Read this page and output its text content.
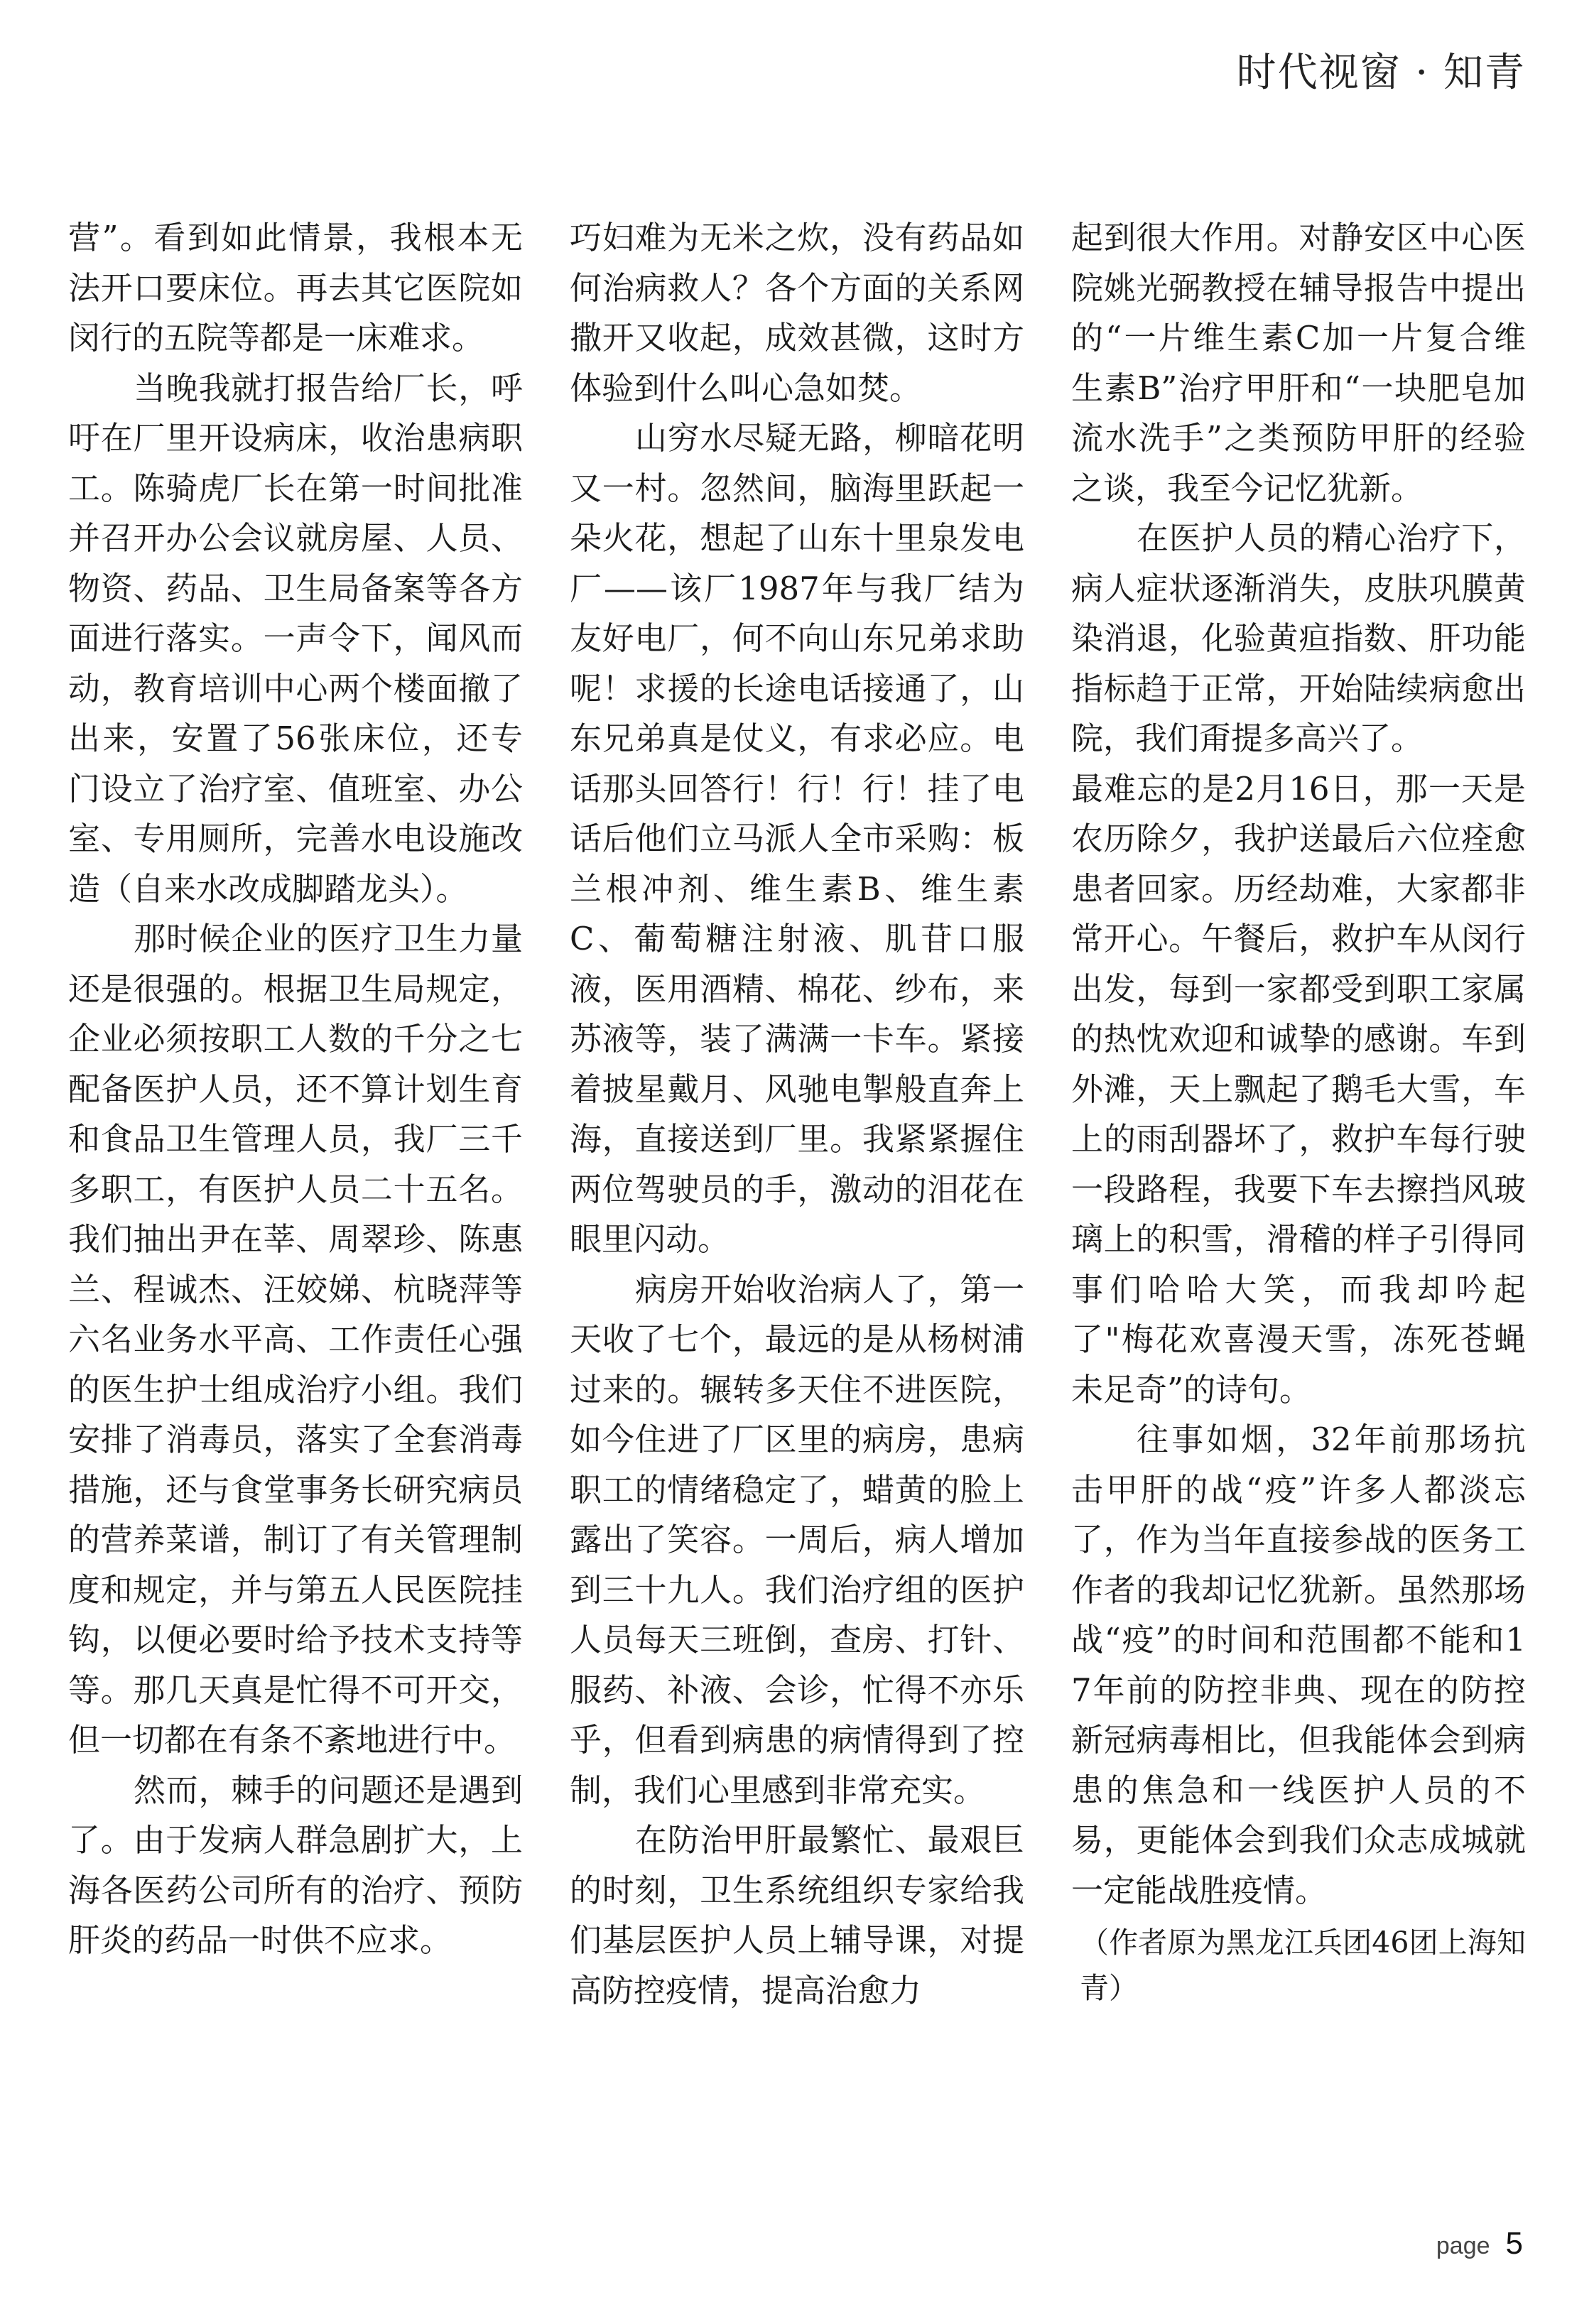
时代视窗 · 知青

营”。看到如此情景，我根本无法开口要床位。再去其它医院如闵行的五院等都是一床难求。

当晚我就打报告给厂长，呼吁在厂里开设病床，收治患病职工。陈骑虎厂长在第一时间批准并召开办公会议就房屋、人员、物资、药品、卫生局备案等各方面进行落实。一声令下，闻风而动，教育培训中心两个楼面撤了出来，安置了56张床位，还专门设立了治疗室、值班室、办公室、专用厕所，完善水电设施改造（自来水改成脚踏龙头）。

那时候企业的医疗卫生力量还是很强的。根据卫生局规定，企业必须按职工人数的千分之七配备医护人员，还不算计划生育和食品卫生管理人员，我厂三千多职工，有医护人员二十五名。我们抽出尹在莘、周翠珍、陈惠兰、程诚杰、汪姣娣、杭晓萍等六名业务水平高、工作责任心强的医生护士组成治疗小组。我们安排了消毒员，落实了全套消毒措施，还与食堂事务长研究病员的营养菜谱，制订了有关管理制度和规定，并与第五人民医院挂钩，以便必要时给予技术支持等等。那几天真是忙得不可开交，但一切都在有条不紊地进行中。

然而，棘手的问题还是遇到了。由于发病人群急剧扩大，上海各医药公司所有的治疗、预防肝炎的药品一时供不应求。

巧妇难为无米之炊，没有药品如何治病救人？各个方面的关系网撒开又收起，成效甚微，这时方体验到什么叫心急如焚。

山穷水尽疑无路，柳暗花明又一村。忽然间，脑海里跃起一朵火花，想起了山东十里泉发电厂——该厂1987年与我厂结为友好电厂，何不向山东兄弟求助呢！求援的长途电话接通了，山东兄弟真是仗义，有求必应。电话那头回答行！行！行！挂了电话后他们立马派人全市采购：板兰根冲剂、维生素B、维生素C、葡萄糖注射液、肌苷口服液，医用酒精、棉花、纱布，来苏液等，装了满满一卡车。紧接着披星戴月、风驰电掣般直奔上海，直接送到厂里。我紧紧握住两位驾驶员的手，激动的泪花在眼里闪动。

病房开始收治病人了，第一天收了七个，最远的是从杨树浦过来的。辗转多天住不进医院，如今住进了厂区里的病房，患病职工的情绪稳定了，蜡黄的脸上露出了笑容。一周后，病人增加到三十九人。我们治疗组的医护人员每天三班倒，查房、打针、服药、补液、会诊，忙得不亦乐乎，但看到病患的病情得到了控制，我们心里感到非常充实。

在防治甲肝最繁忙、最艰巨的时刻，卫生系统组织专家给我们基层医护人员上辅导课，对提高防控疫情，提高治愈力

起到很大作用。对静安区中心医院姚光弼教授在辅导报告中提出的“一片维生素C加一片复合维生素B”治疗甲肝和“一块肥皂加流水洗手”之类预防甲肝的经验之谈，我至今记忆犹新。

在医护人员的精心治疗下，病人症状逐渐消失，皮肤巩膜黄染消退，化验黄疸指数、肝功能指标趋于正常，开始陆续病愈出院，我们甭提多高兴了。

最难忘的是2月16日，那一天是农历除夕，我护送最后六位痊愈患者回家。历经劫难，大家都非常开心。午餐后，救护车从闵行出发，每到一家都受到职工家属的热忱欢迎和诚挚的感谢。车到外滩，天上飘起了鹅毛大雪，车上的雨刮器坏了，救护车每行驶一段路程，我要下车去擦挡风玻璃上的积雪，滑稽的样子引得同事们哈哈大笑，而我却吟起了"梅花欢喜漫天雪，冻死苍蝇未足奇”的诗句。

往事如烟，32年前那场抗击甲肝的战“疫”许多人都淡忘了，作为当年直接参战的医务工作者的我却记忆犹新。虽然那场战“疫”的时间和范围都不能和17年前的防控非典、现在的防控新冠病毒相比，但我能体会到病患的焦急和一线医护人员的不易，更能体会到我们众志成城就一定能战胜疫情。

（作者原为黑龙江兵团46团上海知青）

page 5
